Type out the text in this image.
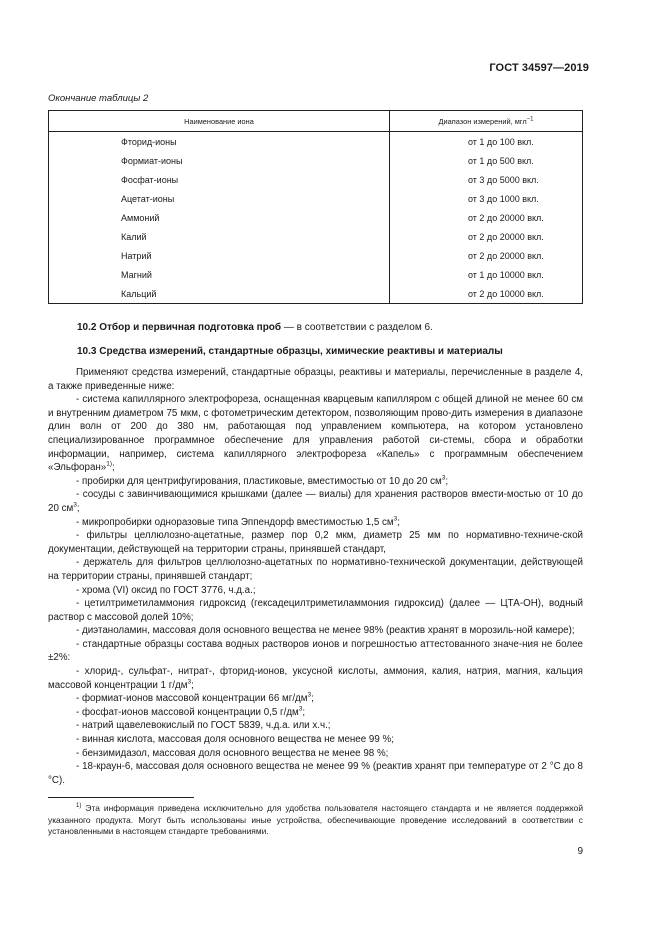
ГОСТ 34597—2019
Окончание таблицы 2
Наименование иона	Диапазон измерений, мгл$^{-1}$
Фторид-ионы	от 1 до 100 вкл.
Формиат-ионы	от 1 до 500 вкл.
Фосфат-ионы	от 3 до 5000 вкл.
Ацетат-ионы	от 3 до 1000 вкл.
Аммоний	от 2 до 20000 вкл.
Калий	от 2 до 20000 вкл.
Натрий	от 2 до 20000 вкл.
Магний	от 1 до 10000 вкл.
Кальций	от 2 до 10000 вкл.
10.2 Отбор и первичная подготовка проб — в соответствии с разделом 6.
10.3 Средства измерений, стандартные образцы, химические реактивы и материалы

Применяют средства измерений, стандартные образцы, реактивы и материалы, перечисленные в разделе 4, а также приведенные ниже:

- система капиллярного электрофореза, оснащенная кварцевым капилляром с общей длиной не менее 60 см и внутренним диаметром 75 мкм, с фотометрическим детектором, позволяющим прово-дить измерения в диапазоне длин волн от 200 до 380 нм, работающая под управлением компьютера, на котором установлено специализированное программное обеспечение для управления работой си-стемы, сбора и обработки информации, например, система капиллярного электрофореза «Капель» с программным обеспечением «Эльфоран»$^{1)}$;

- пробирки для центрифугирования, пластиковые, вместимостью от 10 до 20 $см^3$;

- сосуды с завинчивающимися крышками (далее — виалы) для хранения растворов вмести-мостью от 10 до 20 $см^3$;

- микропробирки одноразовые типа Эппендорф вместимостью 1,5 $см^3$;

- фильтры целлюлозно-ацетатные, размер пор 0,2 мкм, диаметр 25 мм по нормативно-техниче-ской документации, действующей на территории страны, принявшей стандарт,

- держатель для фильтров целлюлозно-ацетатных по нормативно-технической документации, действующей на территории страны, принявшей стандарт;

- хрома (VI) оксид по ГОСТ 3776, ч.д.а.;

- цетилтриметиламмония гидроксид (гексадецилтриметиламмония гидроксид) (далее — ЦТА-ОН), водный раствор с массовой долей 10%;

- диэтаноламин, массовая доля основного вещества не менее 98% (реактив хранят в морозиль-ной камере);

- стандартные образцы состава водных растворов ионов и погрешностью аттестованного значе-ния не более ±2%:

- хлорид-, сульфат-, нитрат-, фторид-ионов, уксусной кислоты, аммония, калия, натрия, магния, кальция массовой концентрации 1 $г/дм^3$;

- формиат-ионов массовой концентрации 66 $мг/дм^3$;

- фосфат-ионов массовой концентрации 0,5 $г/дм^3$;

- натрий щавелевокислый по ГОСТ 5839, ч.д.а. или х.ч.;

- винная кислота, массовая доля основного вещества не менее 99 %;

- бензимидазол, массовая доля основного вещества не менее 98 %;

- 18-краун-6, массовая доля основного вещества не менее 99 % (реактив хранят при температуре от 2 °С до 8 °С).

$^{1)}$ Эта информация приведена исключительно для удобства пользователя настоящего стандарта и не является поддержкой указанного продукта. Могут быть использованы иные устройства, обеспечивающие проведение исследований в соответствии с установленными в настоящем стандарте требованиями.

9
